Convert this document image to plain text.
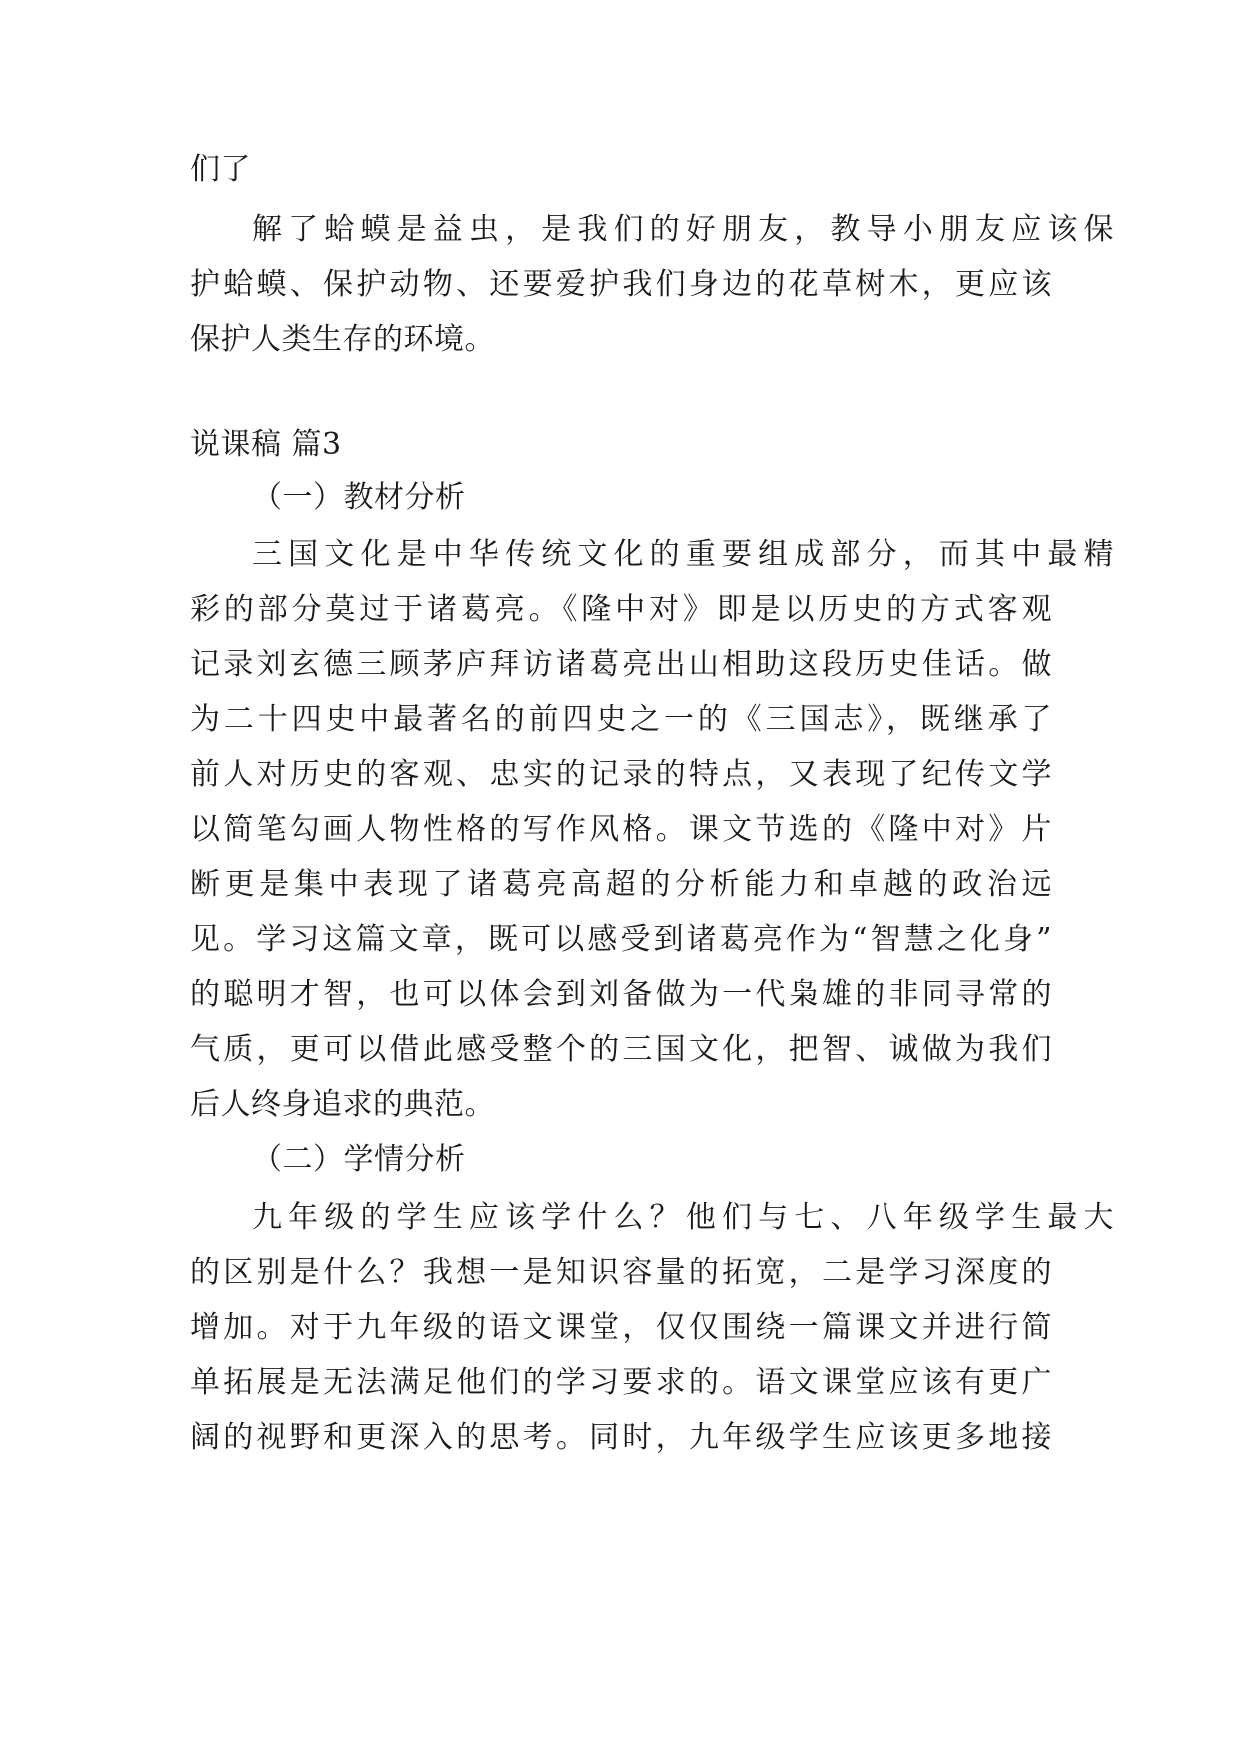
们了
解了蛤蟆是益虫，是我们的好朋友，教导小朋友应该保
护蛤蟆、保护动物、还要爱护我们身边的花草树木，更应该
保护人类生存的环境。
说课稿 篇3
（一）教材分析
三国文化是中华传统文化的重要组成部分，而其中最精
彩的部分莫过于诸葛亮。《隆中对》即是以历史的方式客观
记录刘玄德三顾茅庐拜访诸葛亮出山相助这段历史佳话。做
为二十四史中最著名的前四史之一的《三国志》，既继承了
前人对历史的客观、忠实的记录的特点，又表现了纪传文学
以简笔勾画人物性格的写作风格。课文节选的《隆中对》片
断更是集中表现了诸葛亮高超的分析能力和卓越的政治远
见。学习这篇文章，既可以感受到诸葛亮作为“智慧之化身”
的聪明才智，也可以体会到刘备做为一代枭雄的非同寻常的
气质，更可以借此感受整个的三国文化，把智、诚做为我们
后人终身追求的典范。
（二）学情分析
九年级的学生应该学什么？他们与七、八年级学生最大
的区别是什么？我想一是知识容量的拓宽，二是学习深度的
增加。对于九年级的语文课堂，仅仅围绕一篇课文并进行简
单拓展是无法满足他们的学习要求的。语文课堂应该有更广
阔的视野和更深入的思考。同时，九年级学生应该更多地接
